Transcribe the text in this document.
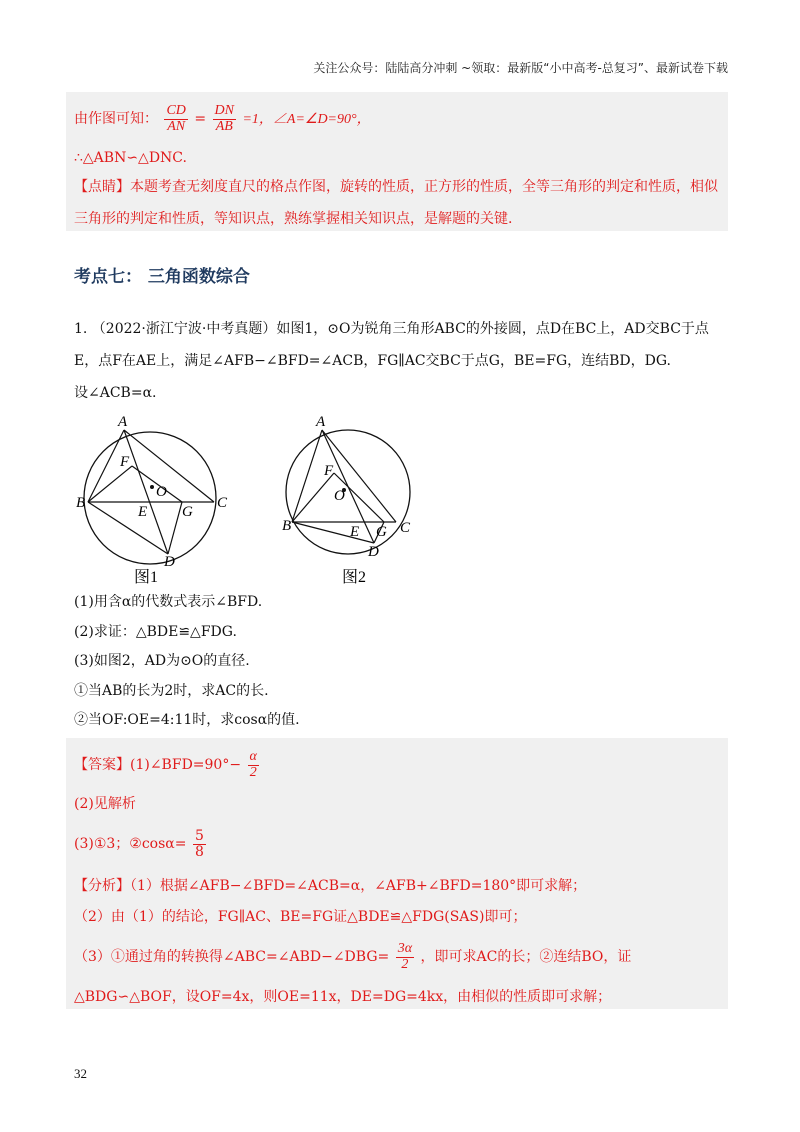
关注公众号：陆陆高分冲刺 ~领取：最新版“小中高考-总复习”、最新试卷下载
由作图可知： $\frac{CD}{AN} = \frac{DN}{AB} =1$，∠A=∠D=90°，
∴△ABN∽△DNC.
【点睛】本题考查无刻度直尺的格点作图，旋转的性质，正方形的性质，全等三角形的判定和性质，相似
三角形的判定和性质，等知识点，熟练掌握相关知识点，是解题的关键.
考点七： 三角函数综合
1. （2022·浙江宁波·中考真题）如图1，⊙O为锐角三角形ABC的外接圆，点D在BC上，AD交BC于点
E，点F在AE上，满足∠AFB−∠BFD=∠ACB，FG∥AC交BC于点G，BE=FG，连结BD，DG.
设∠ACB=α.
A
F
B
O
C
E G
D
图1
A
F
O
B	E G C
D
图2
(1)用含α的代数式表示∠BFD.
(2)求证：△BDE≌△FDG.
(3)如图2，AD为⊙O的直径.
①当AB的长为2时，求AC的长.
②当OF:OE=4:11时，求cosα的值.
【答案】(1)∠BFD=90°− $\frac{\alpha}{2}$
(2)见解析
(3)①3；②cosα= $\frac{5}{8}$
【分析】（1）根据∠AFB−∠BFD=∠ACB=α，∠AFB+∠BFD=180°即可求解；
（2）由（1）的结论，FG∥AC、BE=FG证△BDE≌△FDG(SAS)即可；
（3）①通过角的转换得∠ABC=∠ABD−∠DBG= $\frac{3\alpha}{2}$ ，即可求AC的长；②连结BO，证
△BDG∽△BOF，设OF=4x，则OE=11x，DE=DG=4kx，由相似的性质即可求解；
32
